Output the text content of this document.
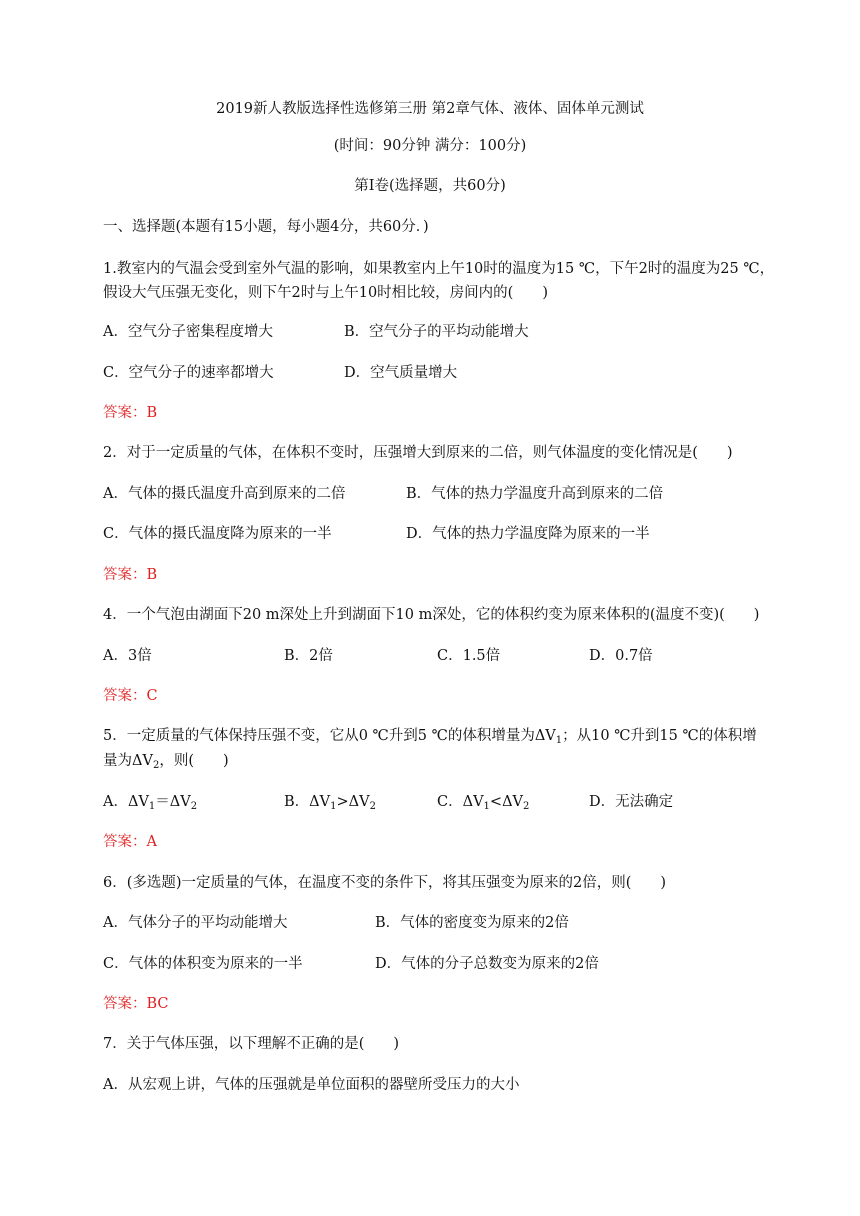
2019新人教版选择性选修第三册 第2章气体、液体、固体单元测试
(时间：90分钟 满分：100分)
第Ⅰ卷(选择题，共60分)
一、选择题(本题有15小题，每小题4分，共60分．)
1.教室内的气温会受到室外气温的影响，如果教室内上午10时的温度为15 ℃，下午2时的温度为25 ℃，
假设大气压强无变化，则下午2时与上午10时相比较，房间内的(　　)
A．空气分子密集程度增大	B．空气分子的平均动能增大
C．空气分子的速率都增大	D．空气质量增大
答案：B
2．对于一定质量的气体，在体积不变时，压强增大到原来的二倍，则气体温度的变化情况是(　　)
A．气体的摄氏温度升高到原来的二倍	B．气体的热力学温度升高到原来的二倍
C．气体的摄氏温度降为原来的一半	D．气体的热力学温度降为原来的一半
答案：B
4．一个气泡由湖面下20 m深处上升到湖面下10 m深处，它的体积约变为原来体积的(温度不变)(　　)
A．3倍	B．2倍	C．1.5倍	D．0.7倍
答案：C
5．一定质量的气体保持压强不变，它从0 ℃升到5 ℃的体积增量为$\Delta V_1$；从10 ℃升到15 ℃的体积增
量为$\Delta V_2$，则(　　)
A．$\Delta V_1=\Delta V_2$	B．$\Delta V_1>\Delta V_2$	C．$\Delta V_1<\Delta V_2$	D．无法确定
答案：A
6．(多选题)一定质量的气体，在温度不变的条件下，将其压强变为原来的2倍，则(　　)
A．气体分子的平均动能增大	B．气体的密度变为原来的2倍
C．气体的体积变为原来的一半	D．气体的分子总数变为原来的2倍
答案：BC
7．关于气体压强，以下理解不正确的是(　　)
A．从宏观上讲，气体的压强就是单位面积的器壁所受压力的大小
